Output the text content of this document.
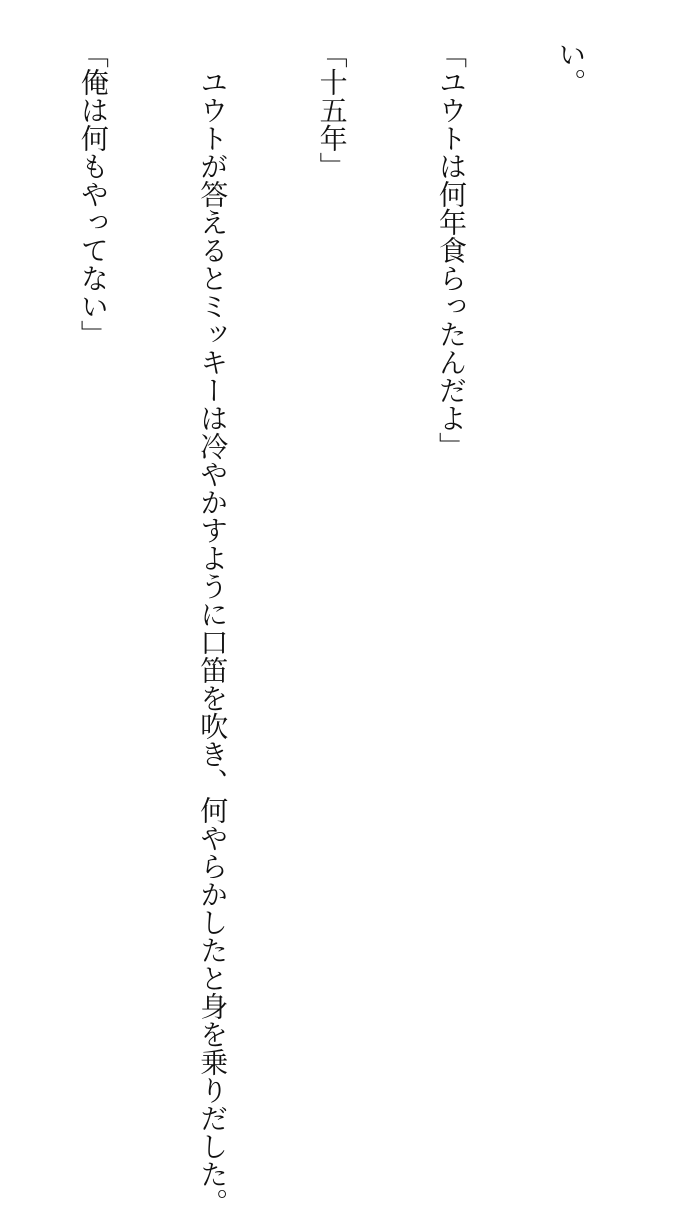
い。

「ユウトは何年食らったんだよ」

「十五年」

　ユウトが答えるとミッキーは冷やかすように口笛を吹き、何やらかしたと身を乗りだした。

「俺は何もやってない」
